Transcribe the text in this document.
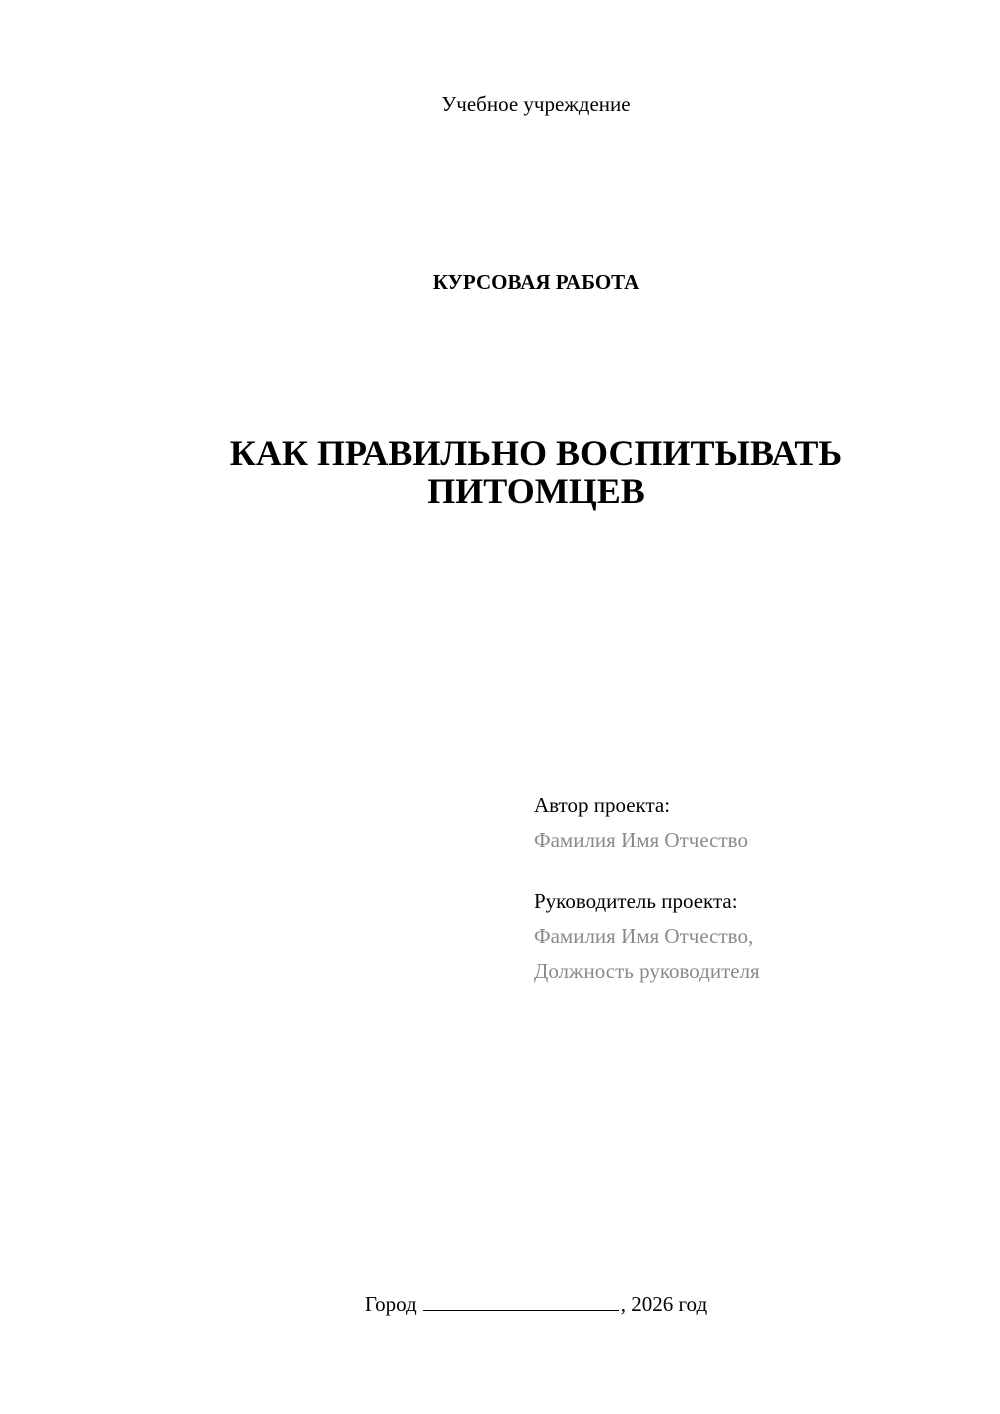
Учебное учреждение
КУРСОВАЯ РАБОТА
КАК ПРАВИЛЬНО ВОСПИТЫВАТЬ
ПИТОМЦЕВ
Автор проекта:
Фамилия Имя Отчество
Руководитель проекта:
Фамилия Имя Отчество,
Должность руководителя
Город	, 2026 год
